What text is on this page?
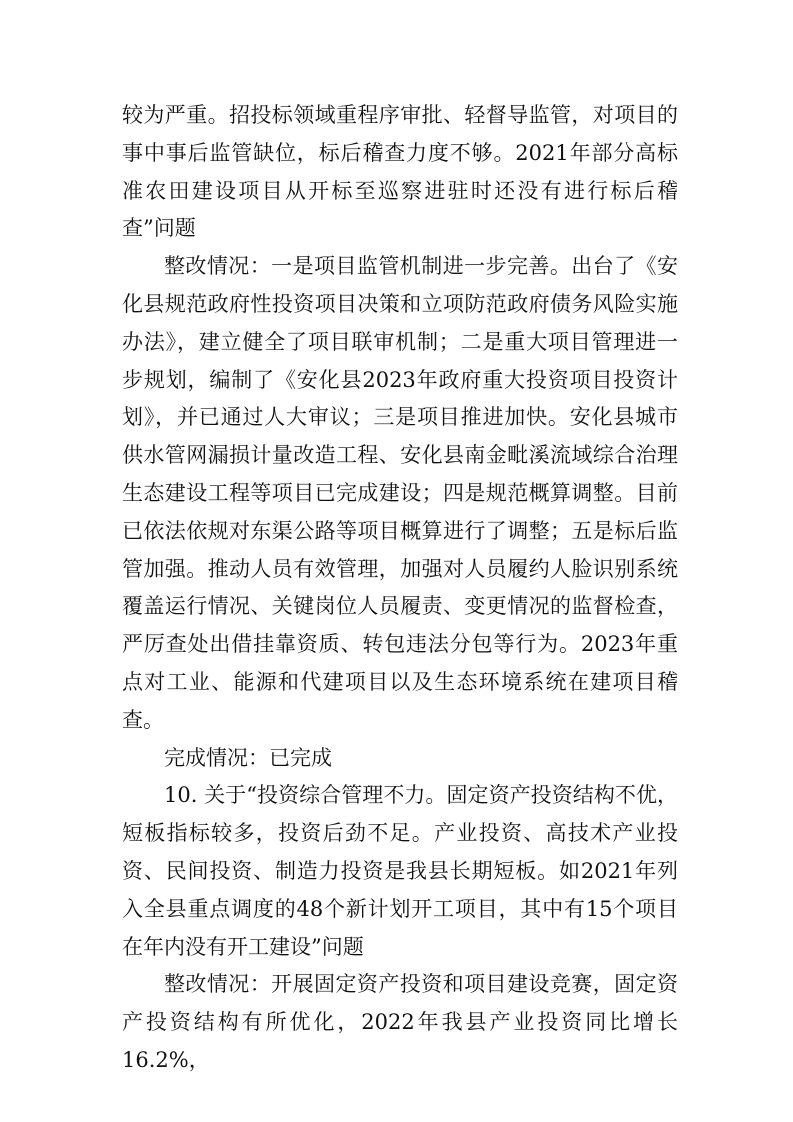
较为严重。招投标领域重程序审批、轻督导监管，对项目的事中事后监管缺位，标后稽查力度不够。2021年部分高标准农田建设项目从开标至巡察进驻时还没有进行标后稽查”问题

整改情况：一是项目监管机制进一步完善。出台了《安化县规范政府性投资项目决策和立项防范政府债务风险实施办法》，建立健全了项目联审机制；二是重大项目管理进一步规划，编制了《安化县2023年政府重大投资项目投资计划》，并已通过人大审议；三是项目推进加快。安化县城市供水管网漏损计量改造工程、安化县南金毗溪流域综合治理生态建设工程等项目已完成建设；四是规范概算调整。目前已依法依规对东渠公路等项目概算进行了调整；五是标后监管加强。推动人员有效管理，加强对人员履约人脸识别系统覆盖运行情况、关键岗位人员履责、变更情况的监督检查，严厉查处出借挂靠资质、转包违法分包等行为。2023年重点对工业、能源和代建项目以及生态环境系统在建项目稽查。

完成情况：已完成

10. 关于“投资综合管理不力。固定资产投资结构不优，短板指标较多，投资后劲不足。产业投资、高技术产业投资、民间投资、制造力投资是我县长期短板。如2021年列入全县重点调度的48个新计划开工项目，其中有15个项目在年内没有开工建设”问题

整改情况：开展固定资产投资和项目建设竞赛，固定资产投资结构有所优化，2022年我县产业投资同比增长16.2%，
